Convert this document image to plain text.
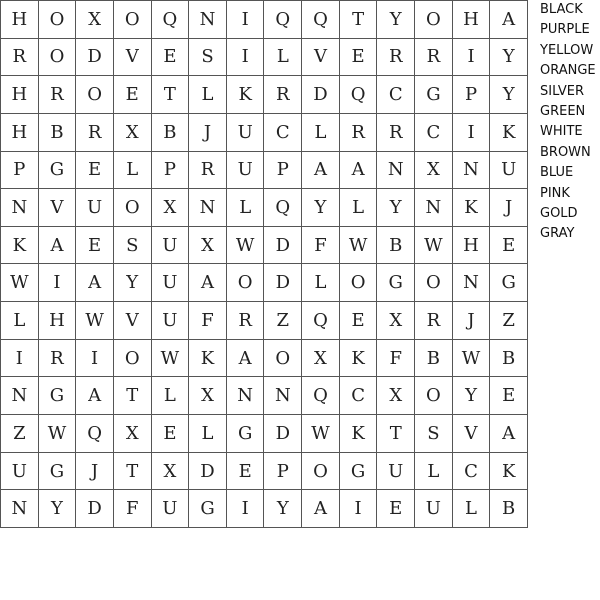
H	O	X	O	Q	N	I	Q	Q	T	Y	O	H	A
R	O	D	V	E	S	I	L	V	E	R	R	I	Y
H	R	O	E	T	L	K	R	D	Q	C	G	P	Y
H	B	R	X	B	J	U	C	L	R	R	C	I	K
P	G	E	L	P	R	U	P	A	A	N	X	N	U
N	V	U	O	X	N	L	Q	Y	L	Y	N	K	J
K	A	E	S	U	X	W	D	F	W	B	W	H	E
W	I	A	Y	U	A	O	D	L	O	G	O	N	G
L	H	W	V	U	F	R	Z	Q	E	X	R	J	Z
I	R	I	O	W	K	A	O	X	K	F	B	W	B
N	G	A	T	L	X	N	N	Q	C	X	O	Y	E
Z	W	Q	X	E	L	G	D	W	K	T	S	V	A
U	G	J	T	X	D	E	P	O	G	U	L	C	K
N	Y	D	F	U	G	I	Y	A	I	E	U	L	B
BLACK
PURPLE
YELLOW
ORANGE
SILVER
GREEN
WHITE
BROWN
BLUE
PINK
GOLD
GRAY
